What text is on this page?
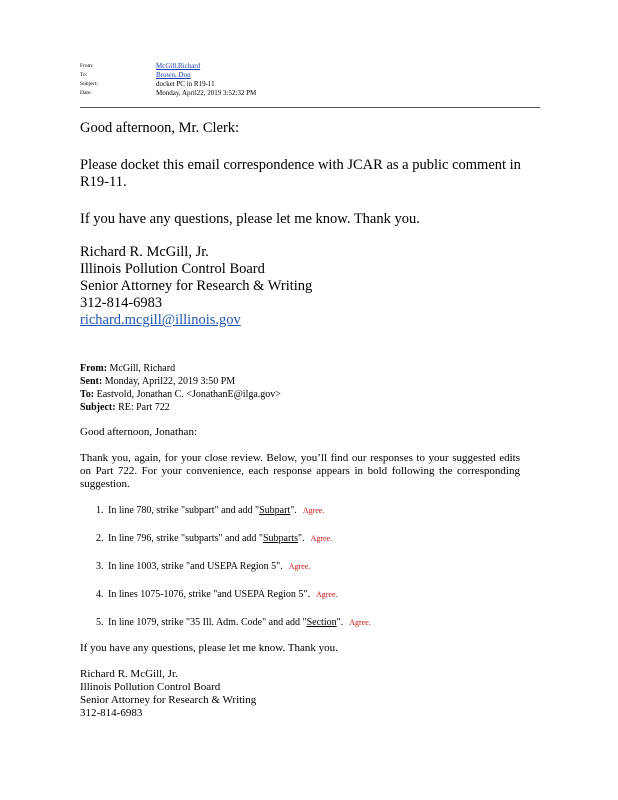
From:	McGill,Richard
To:	Brown, Don
Subject:	docket PC in R19-11
Date:	Monday, April22, 2019 3:52:32 PM

Good afternoon, Mr. Clerk:

Please docket this email correspondence with JCAR as a public comment in R19-11.

If you have any questions, please let me know. Thank you.

Richard R. McGill, Jr.

Illinois Pollution Control Board

Senior Attorney for Research & Writing

312-814-6983

richard.mcgill@illinois.gov

From: McGill, Richard

Sent: Monday, April22, 2019 3:50 PM

To: Eastvold, Jonathan C. <JonathanE@ilga.gov>

Subject: RE: Part 722

Good afternoon, Jonathan:

Thank you, again, for your close review. Below, you’ll find our responses to your suggested edits on Part 722. For your convenience, each response appears in bold following the corresponding suggestion.

1. In line 780, strike "subpart" and add "Subpart". Agree.
2. In line 796, strike "subparts" and add "Subparts". Agree.
3. In line 1003, strike "and USEPA Region 5". Agree.
4. In lines 1075-1076, strike "and USEPA Region 5". Agree.
5. In line 1079, strike "35 Ill. Adm. Code" and add "Section". Agree.

If you have any questions, please let me know. Thank you.

Richard R. McGill, Jr.

Illinois Pollution Control Board

Senior Attorney for Research & Writing

312-814-6983
